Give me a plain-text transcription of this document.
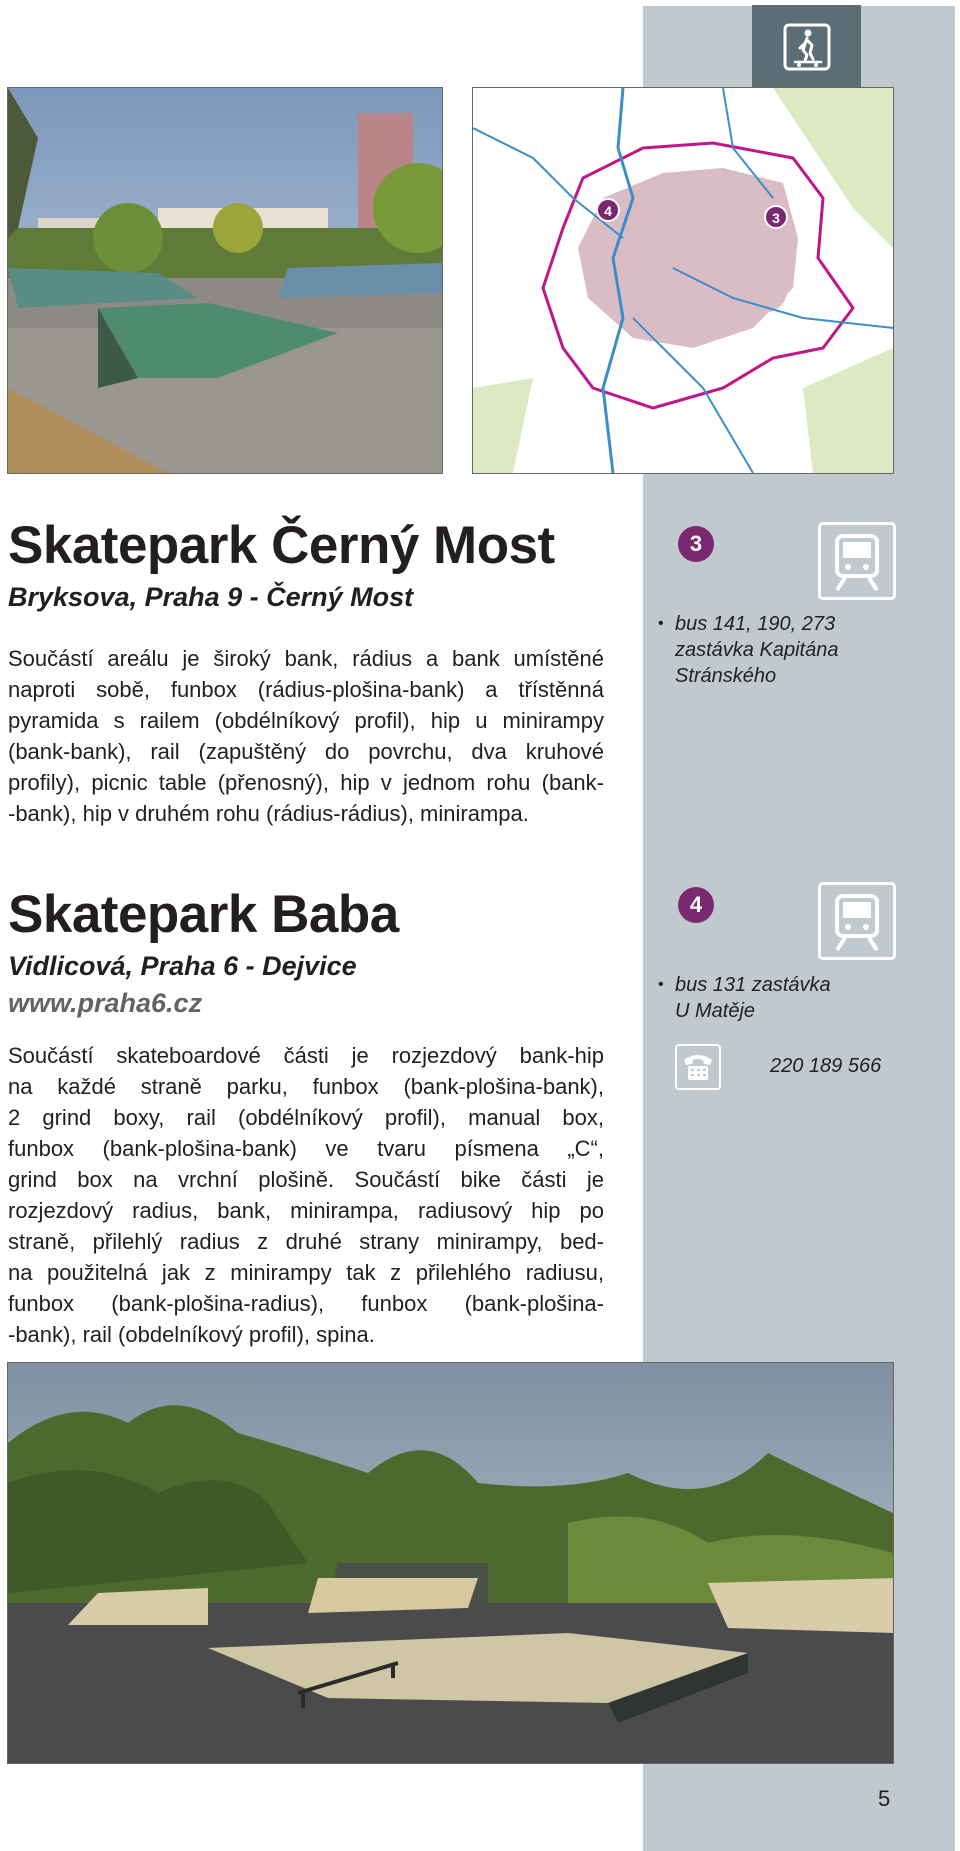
4	3
Skatepark Černý Most
Bryksova, Praha 9 - Černý Most

Součástí areálu je široký bank, rádius a bank umístěné
naproti sobě, funbox (rádius-plošina-bank) a třístěnná
pyramida s railem (obdélníkový profil), hip u minirampy
(bank-bank), rail (zapuštěný do povrchu, dva kruhové
profily), picnic table (přenosný), hip v jednom rohu (bank-
-bank), hip v druhém rohu (rádius-rádius), minirampa.

3
• bus 141, 190, 273
zastávka Kapitána
Stránského
Skatepark Baba
Vidlicová, Praha 6 - Dejvice
www.praha6.cz

Součástí skateboardové části je rozjezdový bank-hip
na každé straně parku, funbox (bank-plošina-bank),
2 grind boxy, rail (obdélníkový profil), manual box,
funbox (bank-plošina-bank) ve tvaru písmena „C“,
grind box na vrchní plošině. Součástí bike části je
rozjezdový radius, bank, minirampa, radiusový hip po
straně, přilehlý radius z druhé strany minirampy, bed-
na použitelná jak z minirampy tak z přilehlého radiusu,
funbox (bank-plošina-radius), funbox (bank-plošina-
-bank), rail (obdelníkový profil), spina.

4
• bus 131 zastávka
U Matěje
220 189 566
5
